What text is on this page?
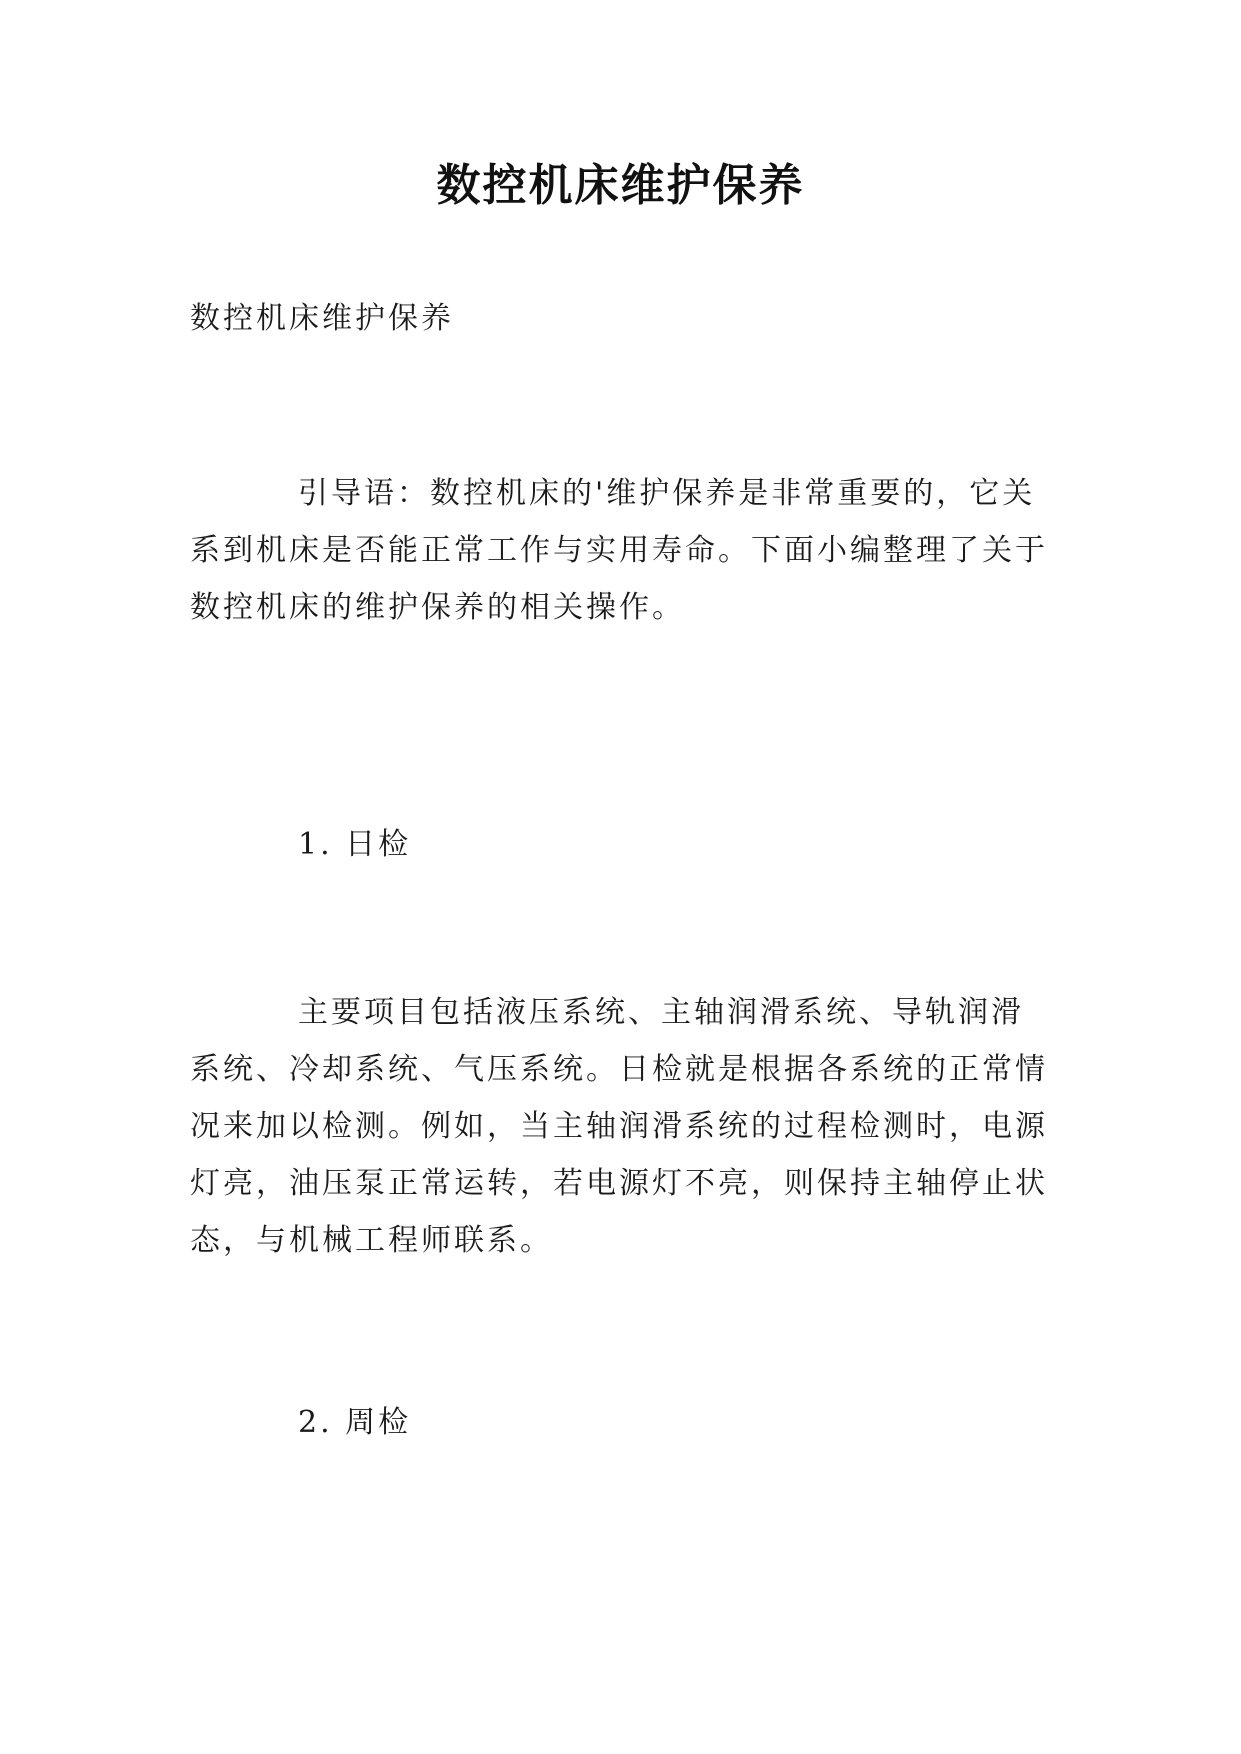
数控机床维护保养

数控机床维护保养

引导语：数控机床的'维护保养是非常重要的，它关系到机床是否能正常工作与实用寿命。下面小编整理了关于数控机床的维护保养的相关操作。

1. 日检

主要项目包括液压系统、主轴润滑系统、导轨润滑系统、冷却系统、气压系统。日检就是根据各系统的正常情况来加以检测。例如，当主轴润滑系统的过程检测时，电源灯亮，油压泵正常运转，若电源灯不亮，则保持主轴停止状态，与机械工程师联系。

2. 周检
